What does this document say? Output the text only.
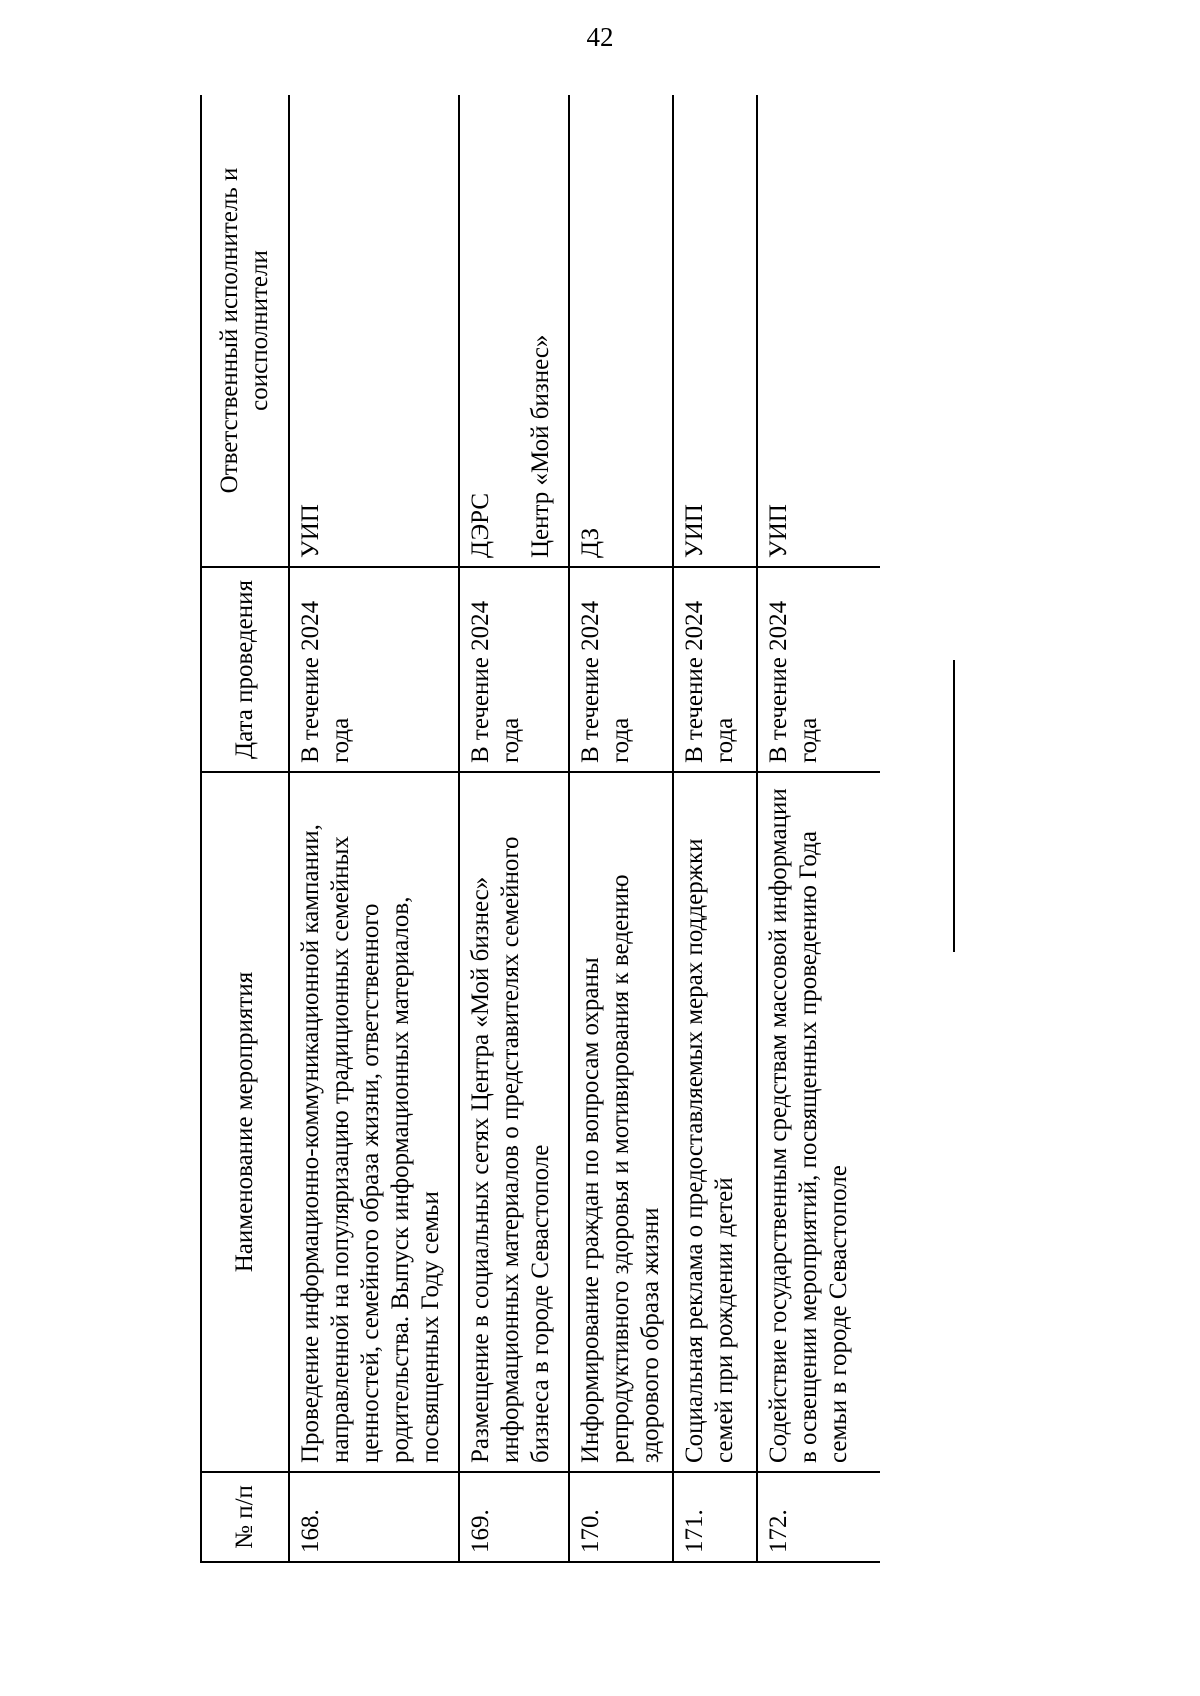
42
№ п/п	Наименование мероприятия	Дата проведения	Ответственный исполнитель и соисполнители
168.	Проведение информационно-коммуникационной кампании, направленной на популяризацию традиционных семейных ценностей, семейного образа жизни, ответственного родительства. Выпуск информационных материалов, посвященных Году семьи	В течение 2024 года	УИП

169.	Размещение в социальных сетях Центра «Мой бизнес» информационных материалов о представителях семейного бизнеса в городе Севастополе	В течение 2024 года	ДЭРС Центр «Мой бизнес»

170.	Информирование граждан по вопросам охраны репродуктивного здоровья и мотивирования к ведению здорового образа жизни	В течение 2024 года	ДЗ

171.	Социальная реклама о предоставляемых мерах поддержки семей при рождении детей	В течение 2024 года	УИП

172.	Содействие государственным средствам массовой информации в освещении мероприятий, посвященных проведению Года семьи в городе Севастополе	В течение 2024 года	УИП
